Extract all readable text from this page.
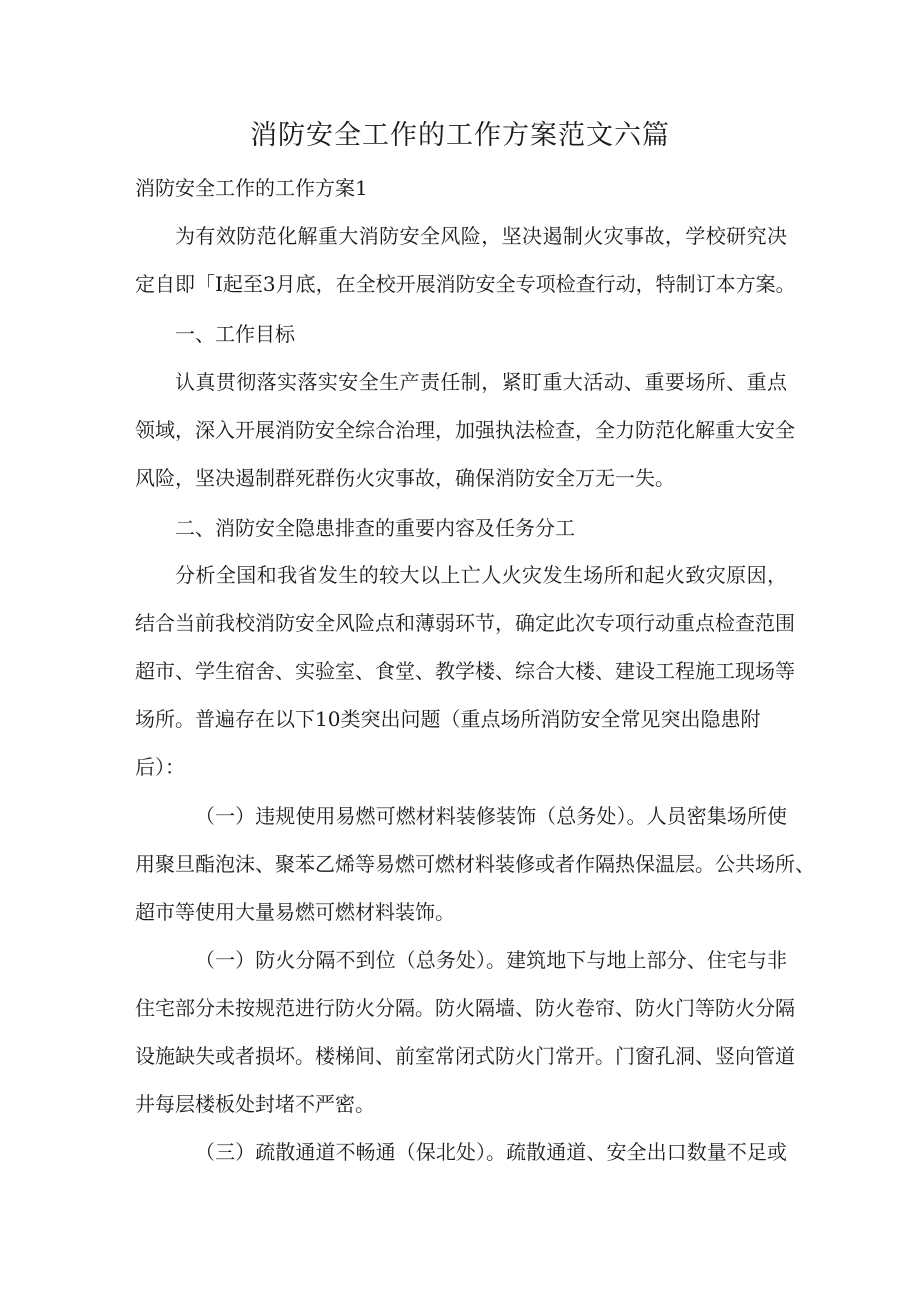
消防安全工作的工作方案范文六篇
消防安全工作的工作方案1
为有效防范化解重大消防安全风险，坚决遏制火灾事故，学校研究决
定自即「I起至3月底，在全校开展消防安全专项检查行动，特制订本方案。
一、工作目标
认真贯彻落实落实安全生产责任制，紧盯重大活动、重要场所、重点
领域，深入开展消防安全综合治理，加强执法检查，全力防范化解重大安全
风险，坚决遏制群死群伤火灾事故，确保消防安全万无一失。
二、消防安全隐患排查的重要内容及任务分工
分析全国和我省发生的较大以上亡人火灾发生场所和起火致灾原因，
结合当前我校消防安全风险点和薄弱环节，确定此次专项行动重点检查范围
超市、学生宿舍、实验室、食堂、教学楼、综合大楼、建设工程施工现场等
场所。普遍存在以下10类突出问题（重点场所消防安全常见突出隐患附
后）：
（一）违规使用易燃可燃材料装修装饰（总务处）。人员密集场所使
用聚旦酯泡沫、聚苯乙烯等易燃可燃材料装修或者作隔热保温层。公共场所、
超市等使用大量易燃可燃材料装饰。
（一）防火分隔不到位（总务处）。建筑地下与地上部分、住宅与非
住宅部分未按规范进行防火分隔。防火隔墙、防火卷帘、防火门等防火分隔
设施缺失或者损坏。楼梯间、前室常闭式防火门常开。门窗孔洞、竖向管道
井每层楼板处封堵不严密。
（三）疏散通道不畅通（保北处）。疏散通道、安全出口数量不足或
